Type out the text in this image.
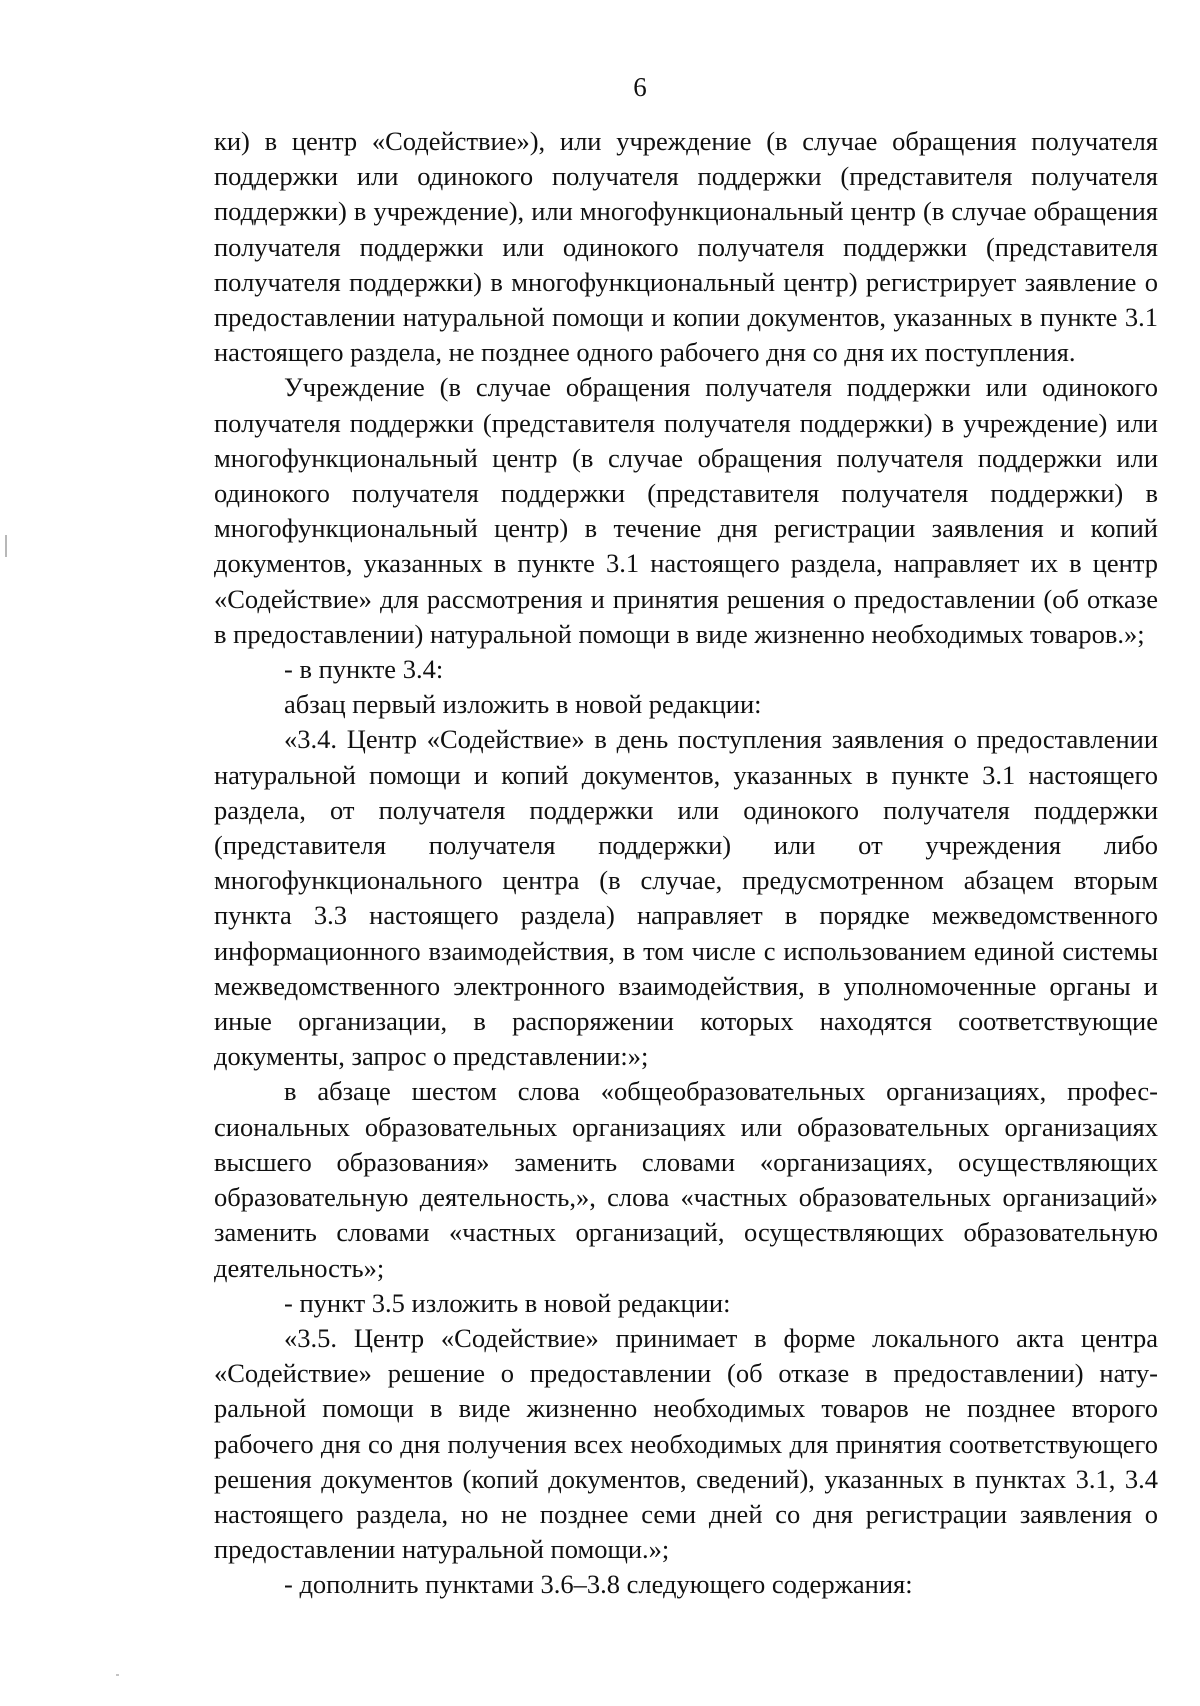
6

ки) в центр «Содействие»), или учреждение (в случае обращения получателя поддержки или одинокого получателя поддержки (представителя получателя поддержки) в учреждение), или многофункциональный центр (в случае обращения получателя поддержки или одинокого получателя поддержки (представителя получателя поддержки) в многофункциональный центр) регистрирует заявление о предоставлении натуральной помощи и копии документов, указанных в пункте 3.1 настоящего раздела, не позднее одного рабочего дня со дня их поступления.

Учреждение (в случае обращения получателя поддержки или одинокого получателя поддержки (представителя получателя поддержки) в учреждение) или многофункциональный центр (в случае обращения получателя поддержки или одинокого получателя поддержки (представителя получателя поддержки) в многофункциональный центр) в течение дня регистрации заявления и копий документов, указанных в пункте 3.1 настоящего раздела, направляет их в центр «Содействие» для рассмотрения и принятия решения о предоставлении (об отказе в предоставлении) натуральной помощи в виде жизненно необходимых товаров.»;

- в пункте 3.4:

абзац первый изложить в новой редакции:

«3.4. Центр «Содействие» в день поступления заявления о предоставлении натуральной помощи и копий документов, указанных в пункте 3.1 настоящего раздела, от получателя поддержки или одинокого получателя поддержки (представителя получателя поддержки) или от учреждения либо многофункционального центра (в случае, предусмотренном абзацем вторым пункта 3.3 настоящего раздела) направляет в порядке межведомственного информационного взаимодействия, в том числе с использованием единой системы межведомственного электронного взаимодействия, в уполномоченные органы и иные организации, в распоряжении которых находятся соответствующие документы, запрос о представлении:»;

в абзаце шестом слова «общеобразовательных организациях, профессиональных образовательных организациях или образовательных организациях высшего образования» заменить словами «организациях, осуществляющих образовательную деятельность,», слова «частных образовательных организаций» заменить словами «частных организаций, осуществляющих образовательную деятельность»;

- пункт 3.5 изложить в новой редакции:

«3.5. Центр «Содействие» принимает в форме локального акта центра «Содействие» решение о предоставлении (об отказе в предоставлении) натуральной помощи в виде жизненно необходимых товаров не позднее второго рабочего дня со дня получения всех необходимых для принятия соответствующего решения документов (копий документов, сведений), указанных в пунктах 3.1, 3.4 настоящего раздела, но не позднее семи дней со дня регистрации заявления о предоставлении натуральной помощи.»;

- дополнить пунктами 3.6–3.8 следующего содержания:
